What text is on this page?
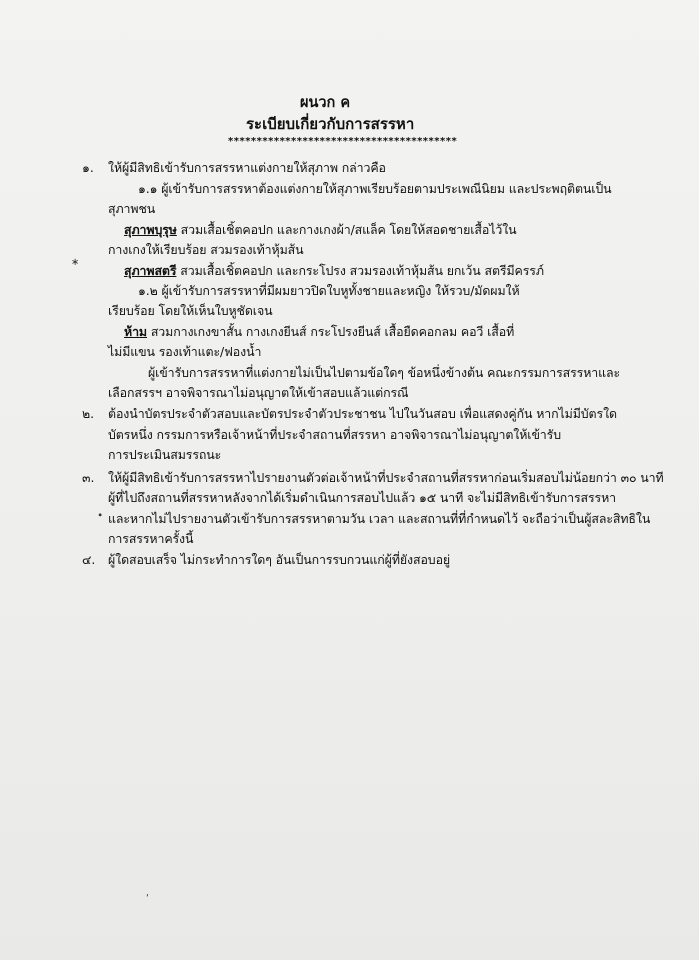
ผนวก ค
ระเบียบเกี่ยวกับการสรรหา
****************************************
๑. ให้ผู้มีสิทธิเข้ารับการสรรหาแต่งกายให้สุภาพ กล่าวคือ
๑.๑ ผู้เข้ารับการสรรหาต้องแต่งกายให้สุภาพเรียบร้อยตามประเพณีนิยม และประพฤติตนเป็น
สุภาพชน
สุภาพบุรุษ สวมเสื้อเชิ้ตคอปก และกางเกงผ้า/สแล็ค โดยให้สอดชายเสื้อไว้ใน
กางเกงให้เรียบร้อย สวมรองเท้าหุ้มส้น
∗
สุภาพสตรี สวมเสื้อเชิ้ตคอปก และกระโปรง สวมรองเท้าหุ้มส้น ยกเว้น สตรีมีครรภ์
๑.๒ ผู้เข้ารับการสรรหาที่มีผมยาวปิดใบหูทั้งชายและหญิง ให้รวบ/มัดผมให้
เรียบร้อย โดยให้เห็นใบหูชัดเจน
ห้าม สวมกางเกงขาสั้น กางเกงยีนส์ กระโปรงยีนส์ เสื้อยืดคอกลม คอวี เสื้อที่
ไม่มีแขน รองเท้าแตะ/ฟองน้ำ
ผู้เข้ารับการสรรหาที่แต่งกายไม่เป็นไปตามข้อใดๆ ข้อหนึ่งข้างต้น คณะกรรมการสรรหาและ
เลือกสรรฯ อาจพิจารณาไม่อนุญาตให้เข้าสอบแล้วแต่กรณี
๒. ต้องนำบัตรประจำตัวสอบและบัตรประจำตัวประชาชน ไปในวันสอบ เพื่อแสดงคู่กัน หากไม่มีบัตรใด
บัตรหนึ่ง กรรมการหรือเจ้าหน้าที่ประจำสถานที่สรรหา อาจพิจารณาไม่อนุญาตให้เข้ารับ
การประเมินสมรรถนะ
๓. ให้ผู้มีสิทธิเข้ารับการสรรหาไปรายงานตัวต่อเจ้าหน้าที่ประจำสถานที่สรรหาก่อนเริ่มสอบไม่น้อยกว่า ๓๐ นาที
ผู้ที่ไปถึงสถานที่สรรหาหลังจากได้เริ่มดำเนินการสอบไปแล้ว ๑๕ นาที จะไม่มีสิทธิเข้ารับการสรรหา
∙ และหากไม่ไปรายงานตัวเข้ารับการสรรหาตามวัน เวลา และสถานที่ที่กำหนดไว้ จะถือว่าเป็นผู้สละสิทธิใน
การสรรหาครั้งนี้
๔. ผู้ใดสอบเสร็จ ไม่กระทำการใดๆ อันเป็นการรบกวนแก่ผู้ที่ยังสอบอยู่
ʹ
